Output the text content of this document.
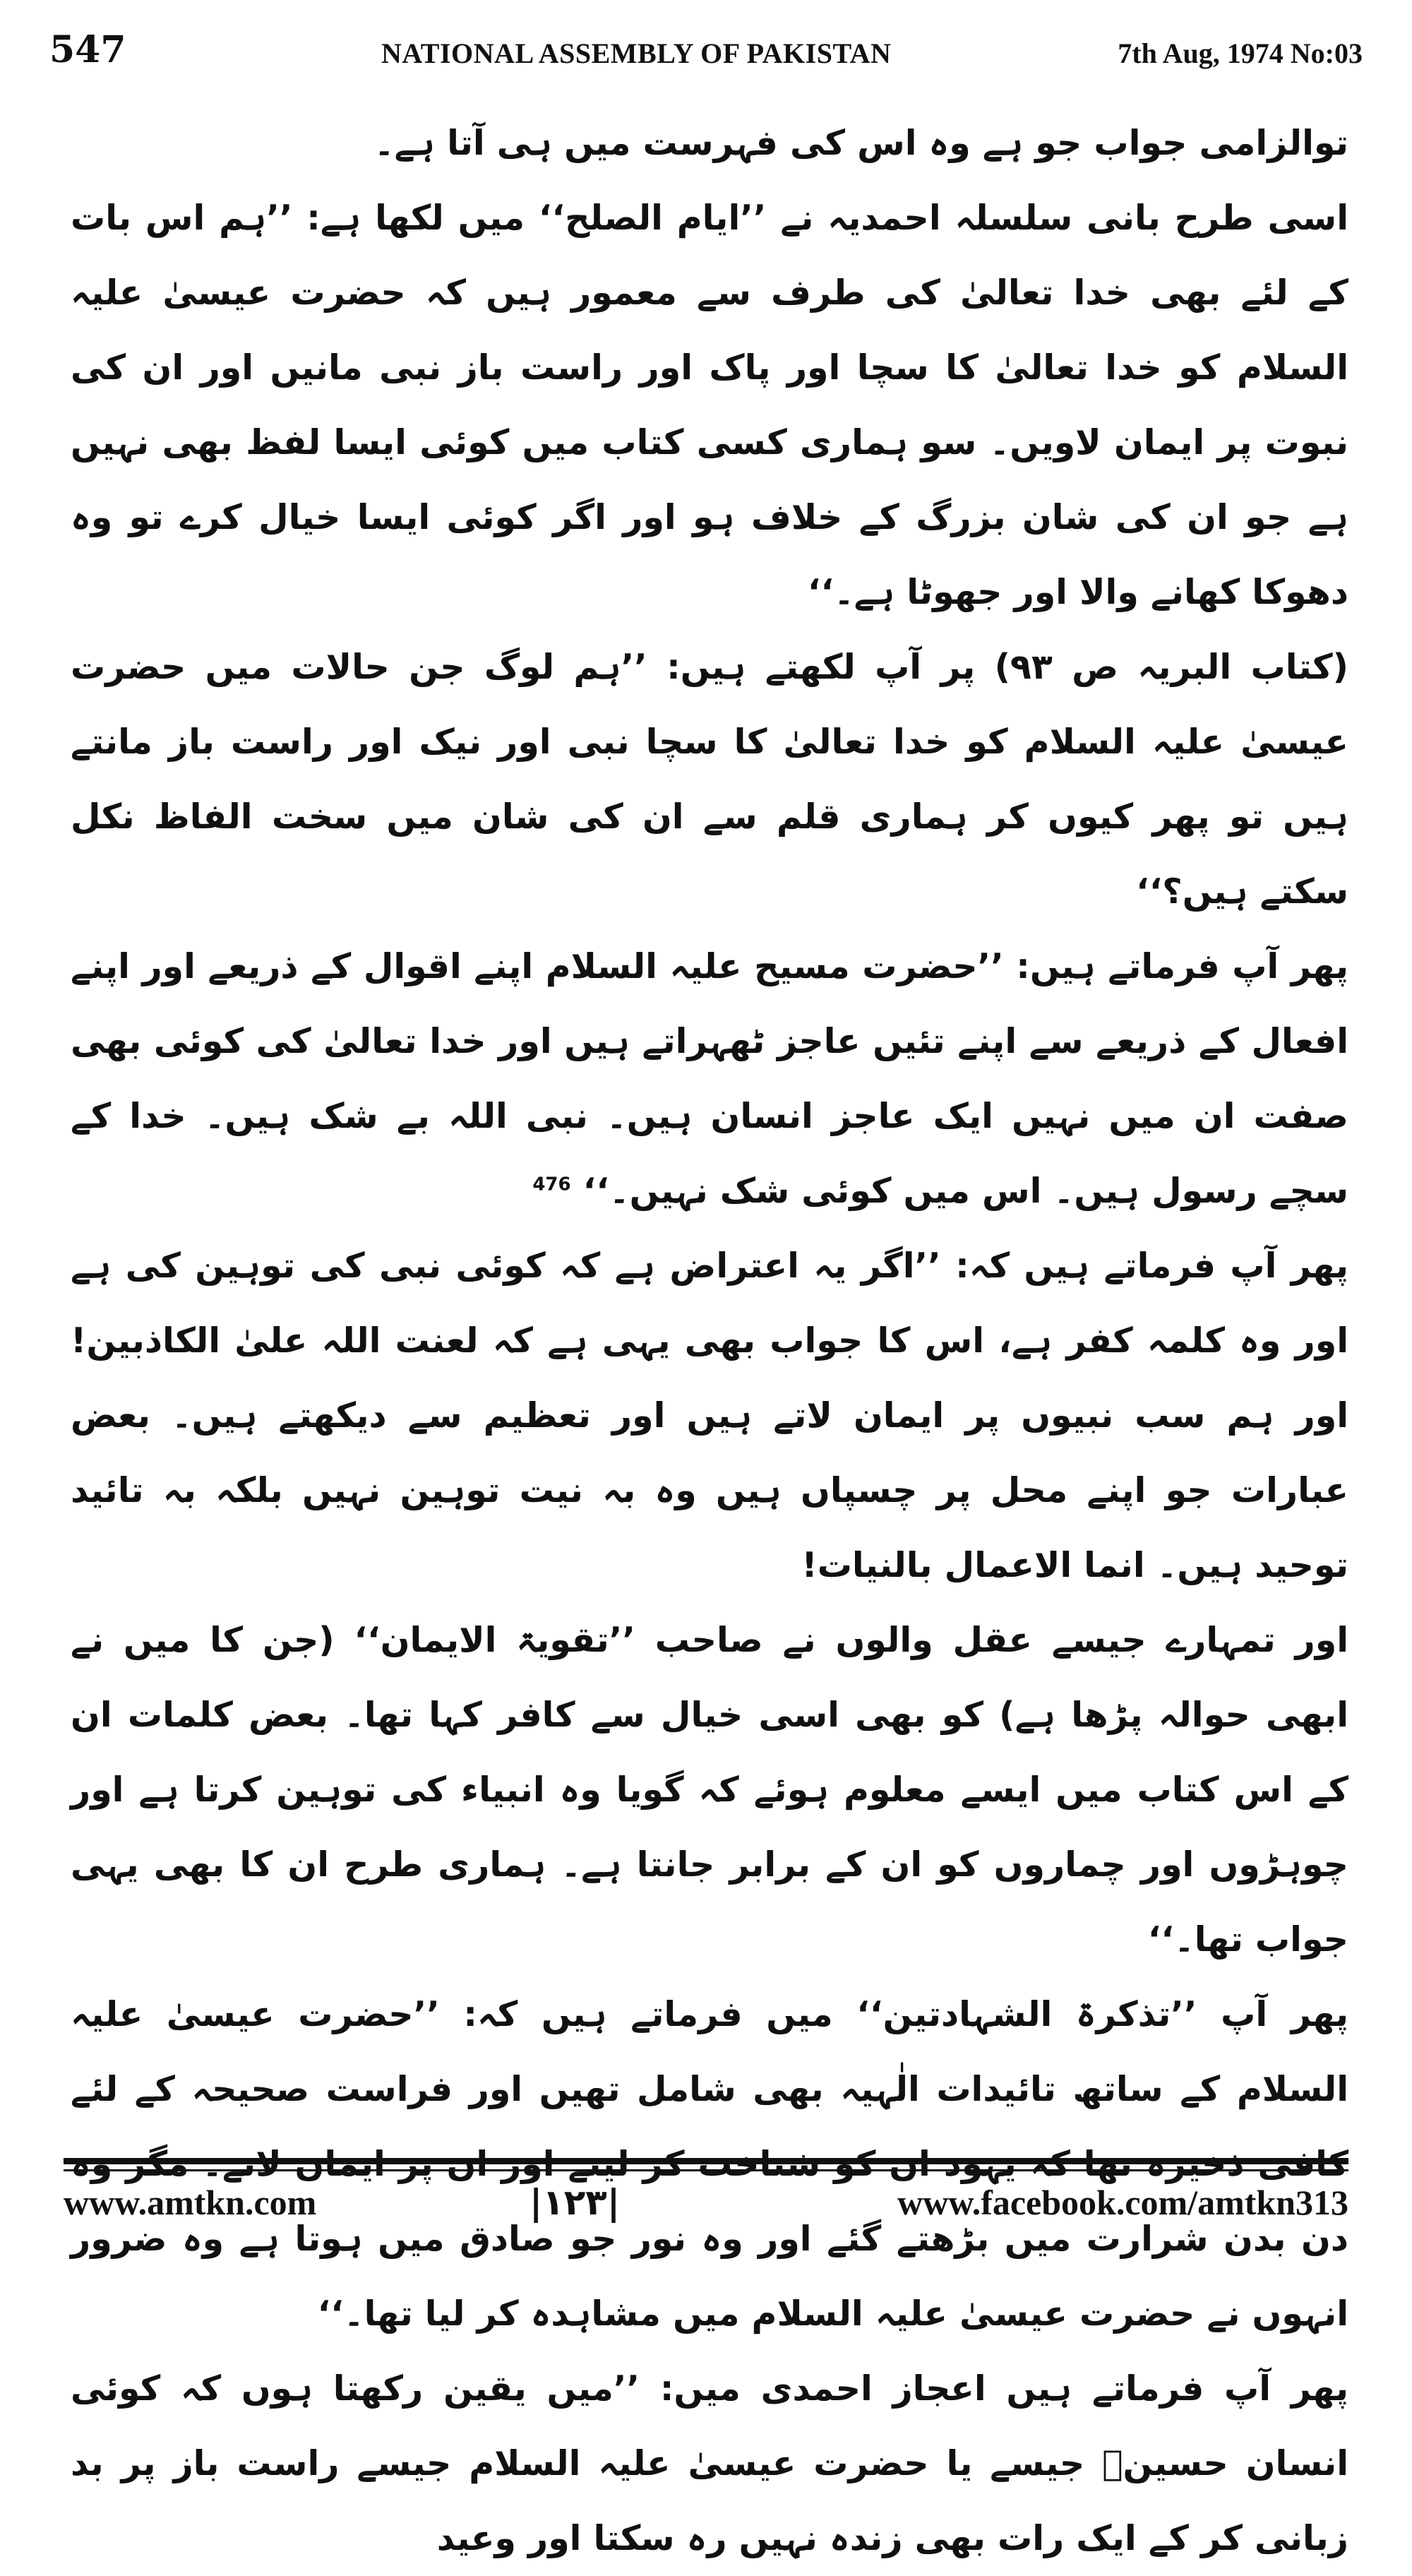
547	NATIONAL ASSEMBLY OF PAKISTAN	7th Aug, 1974 No:03

توالزامی جواب جو ہے وہ اس کی فہرست میں ہی آتا ہے۔

اسی طرح بانی سلسلہ احمدیہ نے ’’ایام الصلح‘‘ میں لکھا ہے: ’’ہم اس بات کے لئے بھی خدا تعالیٰ کی طرف سے معمور ہیں کہ حضرت عیسیٰ علیہ السلام کو خدا تعالیٰ کا سچا اور پاک اور راست باز نبی مانیں اور ان کی نبوت پر ایمان لاویں۔ سو ہماری کسی کتاب میں کوئی ایسا لفظ بھی نہیں ہے جو ان کی شان بزرگ کے خلاف ہو اور اگر کوئی ایسا خیال کرے تو وہ دھوکا کھانے والا اور جھوٹا ہے۔‘‘

(کتاب البریہ ص ۹۳) پر آپ لکھتے ہیں: ’’ہم لوگ جن حالات میں حضرت عیسیٰ علیہ السلام کو خدا تعالیٰ کا سچا نبی اور نیک اور راست باز مانتے ہیں تو پھر کیوں کر ہماری قلم سے ان کی شان میں سخت الفاظ نکل سکتے ہیں؟‘‘

پھر آپ فرماتے ہیں: ’’حضرت مسیح علیہ السلام اپنے اقوال کے ذریعے اور اپنے افعال کے ذریعے سے اپنے تئیں عاجز ٹھہراتے ہیں اور خدا تعالیٰ کی کوئی بھی صفت ان میں نہیں ایک عاجز انسان ہیں۔ نبی اللہ بے شک ہیں۔ خدا کے سچے رسول ہیں۔ اس میں کوئی شک نہیں۔‘‘ $^{476}$

پھر آپ فرماتے ہیں کہ: ’’اگر یہ اعتراض ہے کہ کوئی نبی کی توہین کی ہے اور وہ کلمہ کفر ہے، اس کا جواب بھی یہی ہے کہ لعنت اللہ علیٰ الکاذبین! اور ہم سب نبیوں پر ایمان لاتے ہیں اور تعظیم سے دیکھتے ہیں۔ بعض عبارات جو اپنے محل پر چسپاں ہیں وہ بہ نیت توہین نہیں بلکہ بہ تائید توحید ہیں۔ انما الاعمال بالنیات!

اور تمہارے جیسے عقل والوں نے صاحب ’’تقویۃ الایمان‘‘ (جن کا میں نے ابھی حوالہ پڑھا ہے) کو بھی اسی خیال سے کافر کہا تھا۔ بعض کلمات ان کے اس کتاب میں ایسے معلوم ہوئے کہ گویا وہ انبیاء کی توہین کرتا ہے اور چوہڑوں اور چماروں کو ان کے برابر جانتا ہے۔ ہماری طرح ان کا بھی یہی جواب تھا۔‘‘

پھر آپ ’’تذکرۃ الشہادتین‘‘ میں فرماتے ہیں کہ: ’’حضرت عیسیٰ علیہ السلام کے ساتھ تائیدات الٰہیہ بھی شامل تھیں اور فراست صحیحہ کے لئے دن بدن شرارت میں بڑھتے گئے اور وہ نور جو صادق میں ہوتا ہے وہ ضرور انہوں نے حضرت عیسیٰ علیہ السلام میں مشاہدہ کر لیا تھا۔‘‘

پھر آپ فرماتے ہیں اعجاز احمدی میں: ’’میں یقین رکھتا ہوں کہ کوئی انسان حسینؓ جیسے یا حضرت عیسیٰ علیہ السلام جیسے راست باز پر بد زبانی کر کے ایک رات بھی زندہ نہیں رہ سکتا اور وعید

www.amtkn.com	|۱۲۳|	www.facebook.com/amtkn313
